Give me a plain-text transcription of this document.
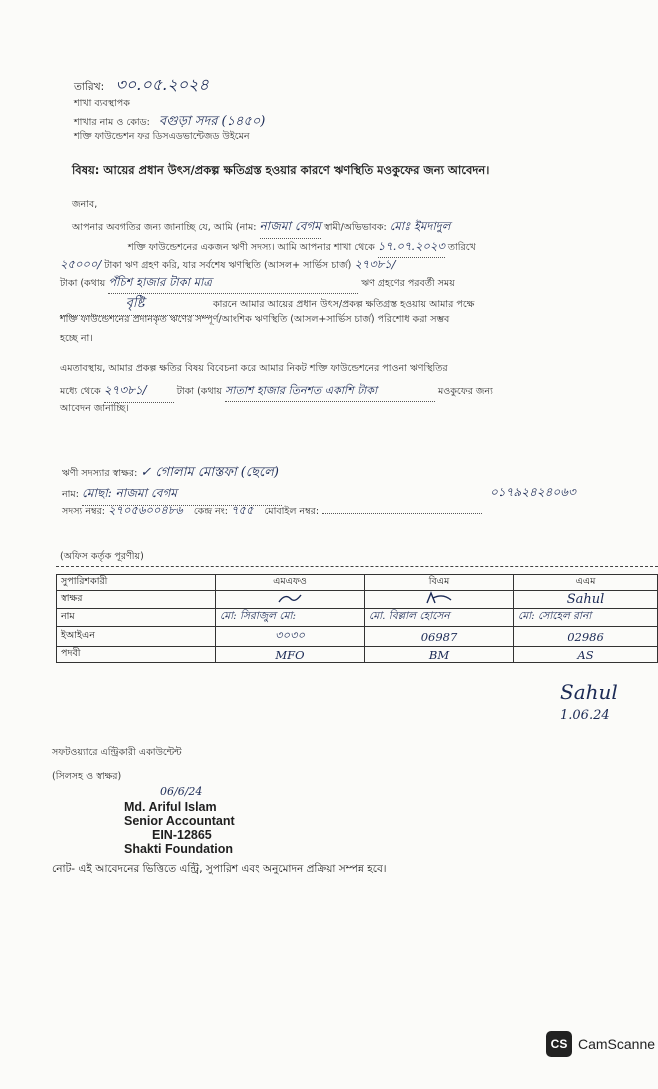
তারিখ: ৩০.০৫.২০২৪
শাখা ব্যবস্থাপক
শাখার নাম ও কোড: বগুড়া সদর (১৪৫০)
শক্তি ফাউন্ডেশন ফর ডিসএডভান্টেজড উইমেন
বিষয়: আয়ের প্রধান উৎস/প্রকল্প ক্ষতিগ্রস্ত হওয়ার কারণে ঋণস্থিতি মওকুফের জন্য আবেদন।
জনাব,
আপনার অবগতির জন্য জানাচ্ছি যে, আমি (নাম: নাজমা বেগম স্বামী/অভিভাবক: মোঃ ইমদাদুল
শক্তি ফাউন্ডেশনের একজন ঋণী সদস্য। আমি আপনার শাখা থেকে ১৭.০৭.২০২৩ তারিখে
২৫০০০/ টাকা ঋণ গ্রহণ করি, যার সর্বশেষ ঋণস্থিতি (আসল+ সার্ভিস চার্জ) ২৭৩৮১/
টাকা (কথায় পঁচিশ হাজার টাকা মাত্র	ঋণ গ্রহণের পরবর্তী সময়
বৃষ্টি	কারনে আমার আয়ের প্রধান উৎস/প্রকল্প ক্ষতিগ্রস্ত হওয়ায় আমার পক্ষে
শক্তি ফাউন্ডেশনের প্রদানকৃত ঋণের সম্পূর্ণ/আংশিক ঋণস্থিতি (আসল+সার্ভিস চার্জ) পরিশোধ করা সম্ভব
হচ্ছে না।
এমতাবস্থায়, আমার প্রকল্প ক্ষতির বিষয় বিবেচনা করে আমার নিকট শক্তি ফাউন্ডেশনের পাওনা ঋণস্থিতির
মধ্যে থেকে ২৭৩৮১/	টাকা (কথায় সাতাশ হাজার তিনশত একাশি টাকা	মওকুফের জন্য
আবেদন জানাচ্ছি।
ঋণী সদস্যার স্বাক্ষর: ✓ গোলাম মোস্তফা (ছেলে)
নাম: মোছা: নাজমা বেগম	০১৭৯২৪২৪০৬৩
সদস্য নম্বর: ২৭০৫৬০০৪৮৬ কেন্দ্র নং: ৭৫৫ মোবাইল নম্বর:
(অফিস কর্তৃক পূরণীয়)
সুপারিশকারী	এমএফও	বিএম	এএম
স্বাক্ষর			Sahul
নাম	মো: সিরাজুল মো:	মো. বিল্লাল হোসেন	মো: সোহেল রানা
ইআইএন	৩০৩০	06987	02986
পদবী	MFO	BM	AS
Sahul
1.06.24
সফটওয়্যারে এন্ট্রিকারী একাউন্টেন্ট
(সিলসহ ও স্বাক্ষর)
06/6/24
Md. Ariful Islam
Senior Accountant
EIN-12865
Shakti Foundation
নোট- এই আবেদনের ভিত্তিতে এন্ট্রি, সুপারিশ এবং অনুমোদন প্রক্রিয়া সম্পন্ন হবে।
CS CamScanne
